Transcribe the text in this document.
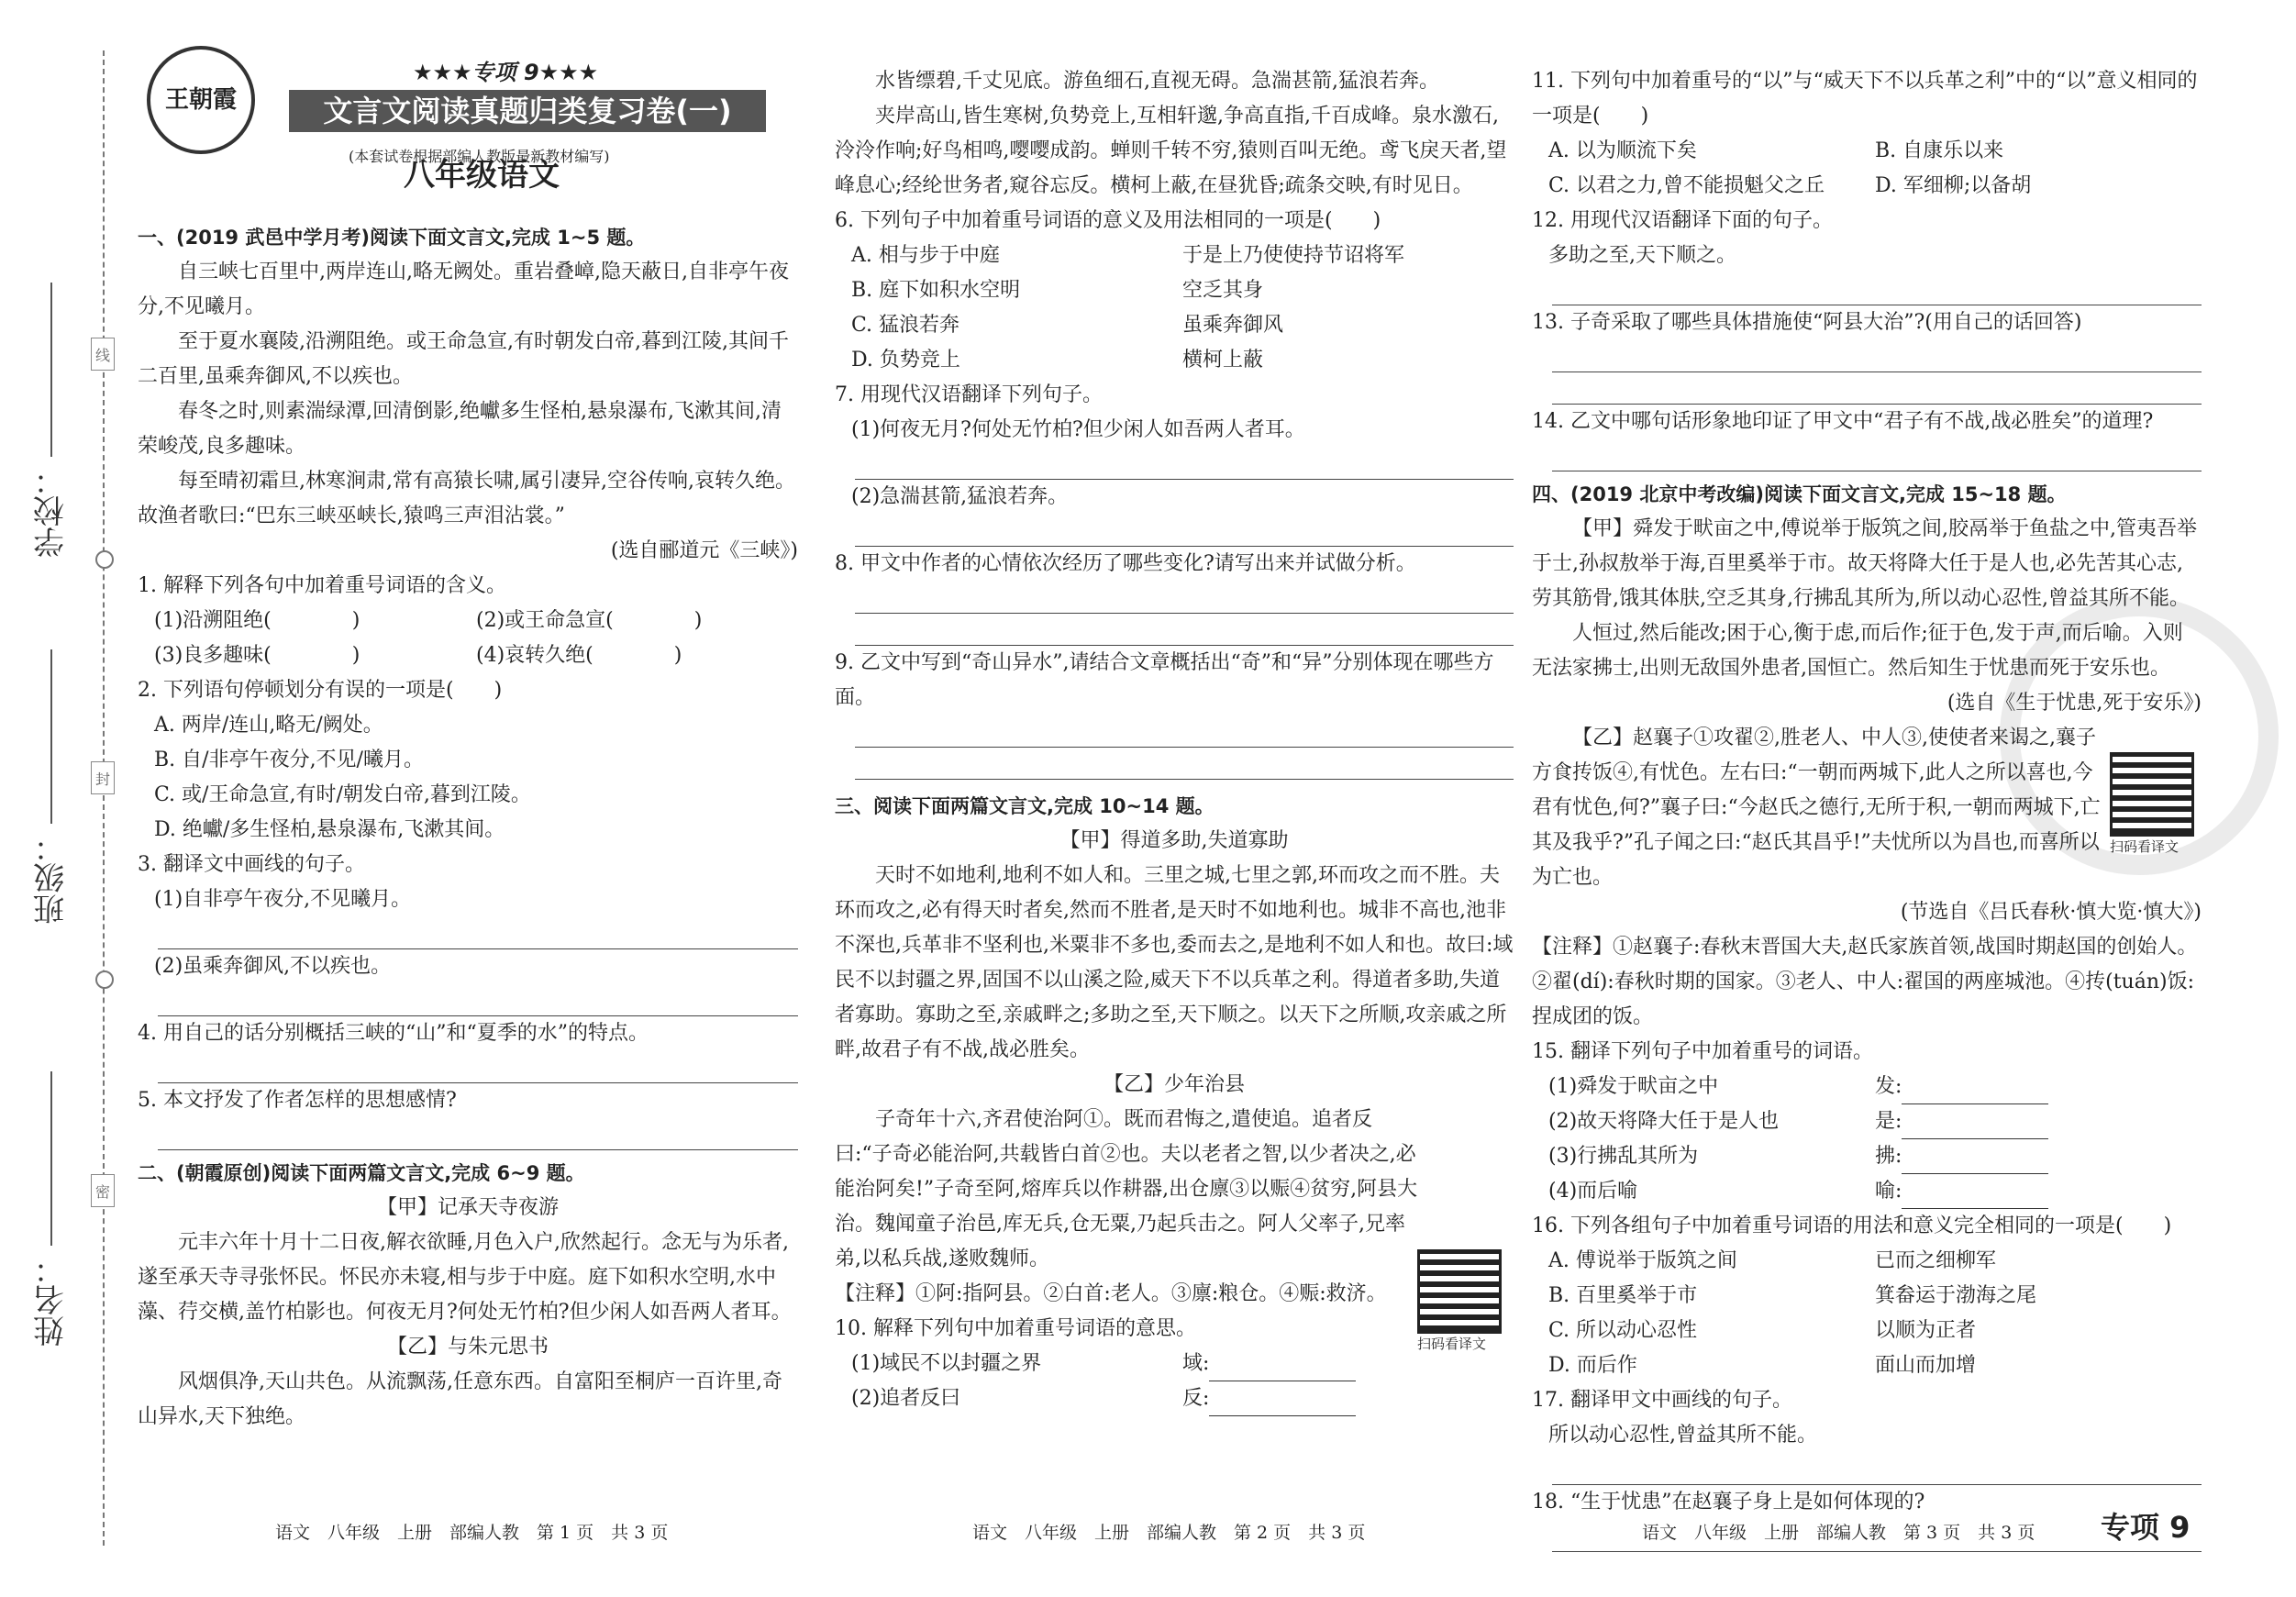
线
封
密
学校：
班级：
姓名：
王朝霞
★★★专项 9★★★
文言文阅读真题归类复习卷(一)
(本套试卷根据部编人教版最新教材编写)
八年级语文

一、(2019 武邑中学月考)阅读下面文言文,完成 1~5 题。

自三峡七百里中,两岸连山,略无阙处。重岩叠嶂,隐天蔽日,自非亭午夜分,不见曦月。

至于夏水襄陵,沿溯阻绝。或王命急宣,有时朝发白帝,暮到江陵,其间千二百里,虽乘奔御风,不以疾也。

春冬之时,则素湍绿潭,回清倒影,绝巘多生怪柏,悬泉瀑布,飞漱其间,清荣峻茂,良多趣味。

每至晴初霜旦,林寒涧肃,常有高猿长啸,属引凄异,空谷传响,哀转久绝。故渔者歌曰:“巴东三峡巫峡长,猿鸣三声泪沾裳。”

(选自郦道元《三峡》)

1. 解释下列各句中加着重号词语的含义。

(1)沿溯阻绝(　　　　)	(2)或王命急宣(　　　　)
(3)良多趣味(　　　　)	(4)哀转久绝(　　　　)

2. 下列语句停顿划分有误的一项是(　　)

A. 两岸/连山,略无/阙处。

B. 自/非亭午夜分,不见/曦月。

C. 或/王命急宣,有时/朝发白帝,暮到江陵。

D. 绝巘/多生怪柏,悬泉瀑布,飞漱其间。

3. 翻译文中画线的句子。

(1)自非亭午夜分,不见曦月。

(2)虽乘奔御风,不以疾也。

4. 用自己的话分别概括三峡的“山”和“夏季的水”的特点。

5. 本文抒发了作者怎样的思想感情?

二、(朝霞原创)阅读下面两篇文言文,完成 6~9 题。

【甲】记承天寺夜游

元丰六年十月十二日夜,解衣欲睡,月色入户,欣然起行。念无与为乐者,遂至承天寺寻张怀民。怀民亦未寝,相与步于中庭。庭下如积水空明,水中藻、荇交横,盖竹柏影也。何夜无月?何处无竹柏?但少闲人如吾两人者耳。

【乙】与朱元思书

风烟俱净,天山共色。从流飘荡,任意东西。自富阳至桐庐一百许里,奇山异水,天下独绝。

水皆缥碧,千丈见底。游鱼细石,直视无碍。急湍甚箭,猛浪若奔。

夹岸高山,皆生寒树,负势竞上,互相轩邈,争高直指,千百成峰。泉水激石,泠泠作响;好鸟相鸣,嘤嘤成韵。蝉则千转不穷,猿则百叫无绝。鸢飞戾天者,望峰息心;经纶世务者,窥谷忘反。横柯上蔽,在昼犹昏;疏条交映,有时见日。

6. 下列句子中加着重号词语的意义及用法相同的一项是(　　)

A. 相与步于中庭	于是上乃使使持节诏将军
B. 庭下如积水空明	空乏其身
C. 猛浪若奔	虽乘奔御风
D. 负势竞上	横柯上蔽

7. 用现代汉语翻译下列句子。

(1)何夜无月?何处无竹柏?但少闲人如吾两人者耳。

(2)急湍甚箭,猛浪若奔。

8. 甲文中作者的心情依次经历了哪些变化?请写出来并试做分析。

9. 乙文中写到“奇山异水”,请结合文章概括出“奇”和“异”分别体现在哪些方面。

三、阅读下面两篇文言文,完成 10~14 题。

【甲】得道多助,失道寡助

天时不如地利,地利不如人和。三里之城,七里之郭,环而攻之而不胜。夫环而攻之,必有得天时者矣,然而不胜者,是天时不如地利也。城非不高也,池非不深也,兵革非不坚利也,米粟非不多也,委而去之,是地利不如人和也。故曰:域民不以封疆之界,固国不以山溪之险,威天下不以兵革之利。得道者多助,失道者寡助。寡助之至,亲戚畔之;多助之至,天下顺之。以天下之所顺,攻亲戚之所畔,故君子有不战,战必胜矣。

【乙】少年治县

子奇年十六,齐君使治阿①。既而君悔之,遣使追。追者反曰:“子奇必能治阿,共载皆白首②也。夫以老者之智,以少者决之,必能治阿矣!”子奇至阿,熔库兵以作耕器,出仓廪③以赈④贫穷,阿县大治。魏闻童子治邑,库无兵,仓无粟,乃起兵击之。阿人父率子,兄率弟,以私兵战,遂败魏师。

【注释】①阿:指阿县。②白首:老人。③廪:粮仓。④赈:救济。

10. 解释下列句中加着重号词语的意思。

(1)域民不以封疆之界	域:
(2)追者反曰	反:
扫码看译文

11. 下列句中加着重号的“以”与“威天下不以兵革之利”中的“以”意义相同的一项是(　　)

A. 以为顺流下矣	B. 自康乐以来
C. 以君之力,曾不能损魁父之丘	D. 军细柳;以备胡

12. 用现代汉语翻译下面的句子。

多助之至,天下顺之。

13. 子奇采取了哪些具体措施使“阿县大治”?(用自己的话回答)

14. 乙文中哪句话形象地印证了甲文中“君子有不战,战必胜矣”的道理?

四、(2019 北京中考改编)阅读下面文言文,完成 15~18 题。

【甲】舜发于畎亩之中,傅说举于版筑之间,胶鬲举于鱼盐之中,管夷吾举于士,孙叔敖举于海,百里奚举于市。故天将降大任于是人也,必先苦其心志,劳其筋骨,饿其体肤,空乏其身,行拂乱其所为,所以动心忍性,曾益其所不能。

人恒过,然后能改;困于心,衡于虑,而后作;征于色,发于声,而后喻。入则无法家拂士,出则无敌国外患者,国恒亡。然后知生于忧患而死于安乐也。

(选自《生于忧患,死于安乐》)

【乙】赵襄子①攻翟②,胜老人、中人③,使使者来谒之,襄子方食抟饭④,有忧色。左右曰:“一朝而两城下,此人之所以喜也,今君有忧色,何?”襄子曰:“今赵氏之德行,无所于积,一朝而两城下,亡其及我乎?”孔子闻之曰:“赵氏其昌乎!”夫忧所以为昌也,而喜所以为亡也。

(节选自《吕氏春秋·慎大览·慎大》)

【注释】①赵襄子:春秋末晋国大夫,赵氏家族首领,战国时期赵国的创始人。②翟(dí):春秋时期的国家。③老人、中人:翟国的两座城池。④抟(tuán)饭:捏成团的饭。

15. 翻译下列句子中加着重号的词语。

(1)舜发于畎亩之中	发:
(2)故天将降大任于是人也	是:
(3)行拂乱其所为	拂:
(4)而后喻	喻:

16. 下列各组句子中加着重号词语的用法和意义完全相同的一项是(　　)

A. 傅说举于版筑之间	已而之细柳军
B. 百里奚举于市	箕畚运于渤海之尾
C. 所以动心忍性	以顺为正者
D. 而后作	面山而加增

17. 翻译甲文中画线的句子。

所以动心忍性,曾益其所不能。

18. “生于忧患”在赵襄子身上是如何体现的?

扫码看译文
语文　八年级　上册　部编人教　第 1 页　共 3 页	语文　八年级　上册　部编人教　第 2 页　共 3 页	语文　八年级　上册　部编人教　第 3 页　共 3 页 专项 9
